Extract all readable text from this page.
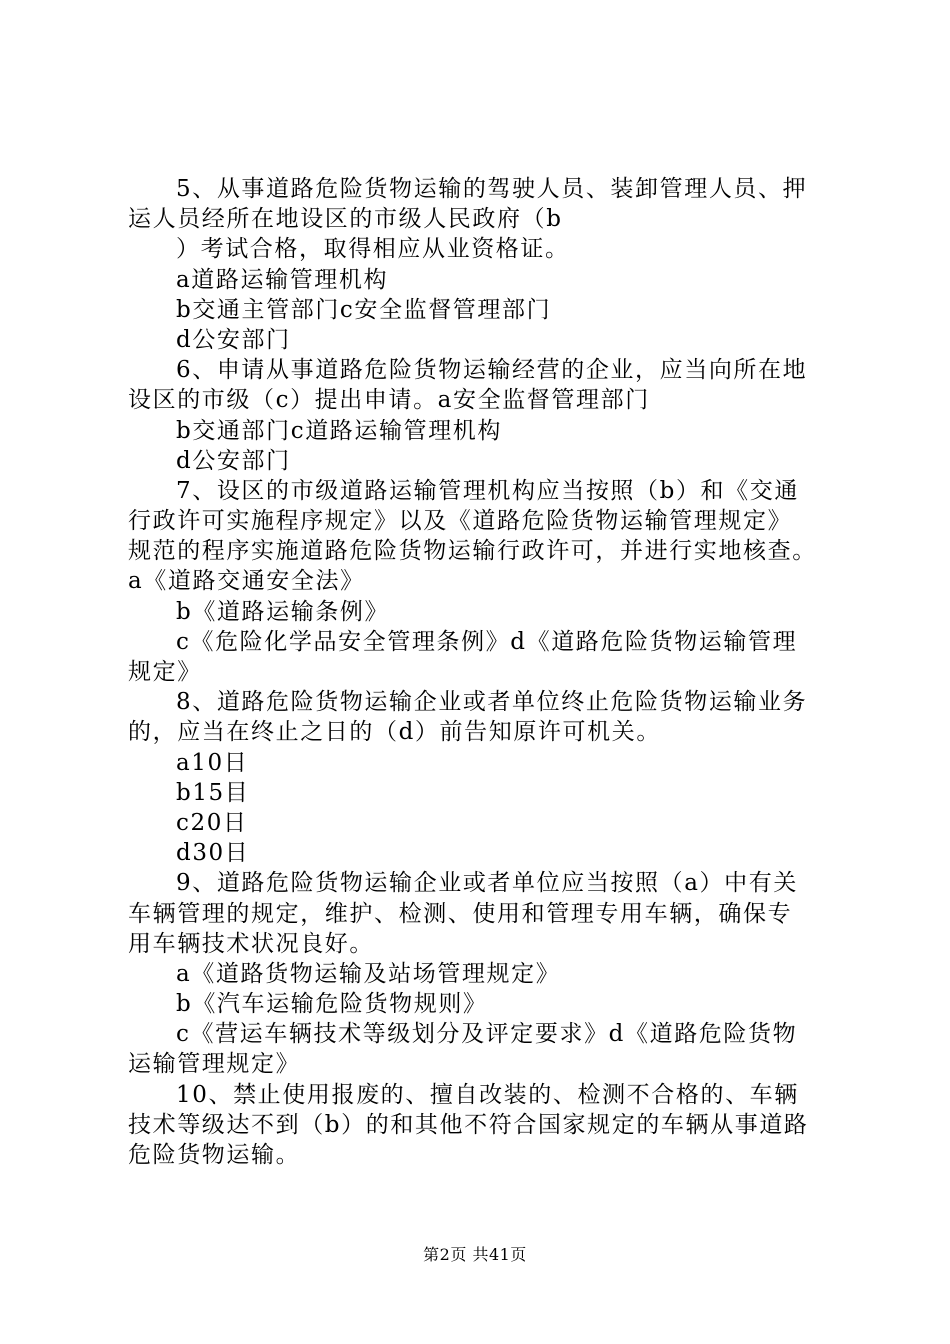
5、从事道路危险货物运输的驾驶人员、装卸管理人员、押
运人员经所在地设区的市级人民政府（b
）考试合格，取得相应从业资格证。
a道路运输管理机构
b交通主管部门c安全监督管理部门
d公安部门
6、申请从事道路危险货物运输经营的企业，应当向所在地
设区的市级（c）提出申请。a安全监督管理部门
b交通部门c道路运输管理机构
d公安部门
7、设区的市级道路运输管理机构应当按照（b）和《交通
行政许可实施程序规定》以及《道路危险货物运输管理规定》
规范的程序实施道路危险货物运输行政许可，并进行实地核查。
a《道路交通安全法》
b《道路运输条例》
c《危险化学品安全管理条例》d《道路危险货物运输管理
规定》
8、道路危险货物运输企业或者单位终止危险货物运输业务
的，应当在终止之日的（d）前告知原许可机关。
a10日
b15目
c20日
d30日
9、道路危险货物运输企业或者单位应当按照（a）中有关
车辆管理的规定，维护、检测、使用和管理专用车辆，确保专
用车辆技术状况良好。
a《道路货物运输及站场管理规定》
b《汽车运输危险货物规则》
c《营运车辆技术等级划分及评定要求》d《道路危险货物
运输管理规定》
10、禁止使用报废的、擅自改装的、检测不合格的、车辆
技术等级达不到（b）的和其他不符合国家规定的车辆从事道路
危险货物运输。
第2页 共41页
